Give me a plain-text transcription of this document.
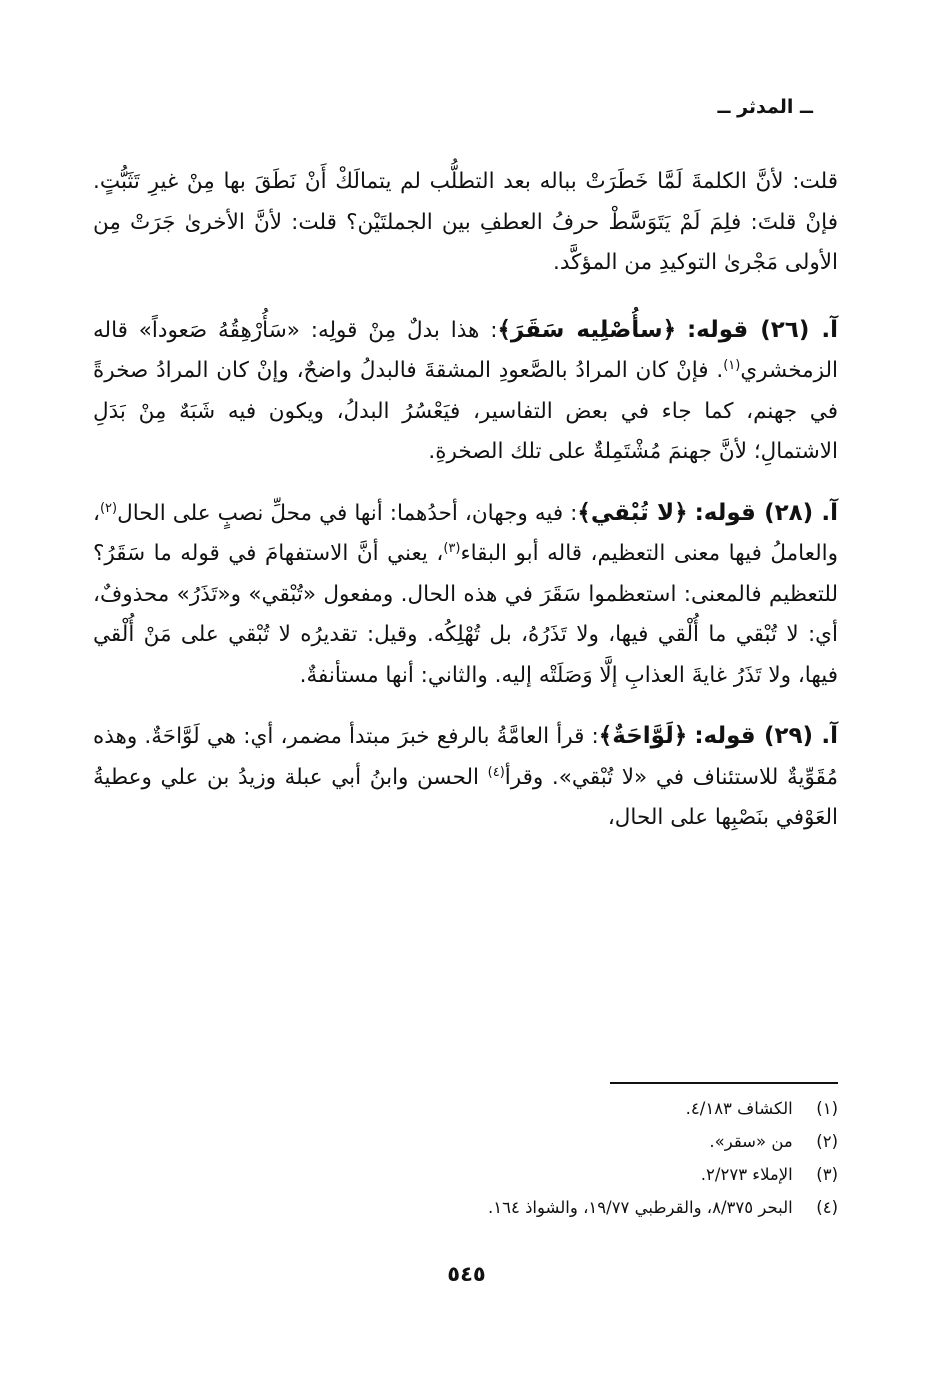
ــ المدثر ــ

قلت: لأنَّ الكلمةَ لَمَّا خَطَرَتْ بباله بعد التطلُّب لم يتمالَكْ أَنْ نَطَقَ بها مِنْ غيرِ تَثَبُّتٍ. فإنْ قلتَ: فلِمَ لَمْ يَتَوَسَّطْ حرفُ العطفِ بين الجملتَيْن؟ قلت: لأنَّ الأخرىٰ جَرَتْ مِن الأولى مَجْرىٰ التوكيدِ من المؤكَّد.

آ. (٢٦) قوله: ﴿سأُصْلِيه سَقَرَ﴾: هذا بدلٌ مِنْ قولِه: «سَأُرْهِقُهُ صَعوداً» قاله الزمخشري$^{(١)}$. فإنْ كان المرادُ بالصَّعودِ المشقةَ فالبدلُ واضحٌ، وإنْ كان المرادُ صخرةً في جهنم، كما جاء في بعض التفاسير، فيَعْسُرُ البدلُ، ويكون فيه شَبَهٌ مِنْ بَدَلِ الاشتمالِ؛ لأنَّ جهنمَ مُشْتَمِلةٌ على تلك الصخرةِ.

آ. (٢٨) قوله: ﴿لا تُبْقي﴾: فيه وجهان، أحدُهما: أنها في محلِّ نصبٍ على الحال$^{(٢)}$، والعاملُ فيها معنى التعظيم، قاله أبو البقاء$^{(٣)}$، يعني أنَّ الاستفهامَ في قوله ما سَقَرُ؟ للتعظيم فالمعنى: استعظموا سَقَرَ في هذه الحال. ومفعول «تُبْقي» و«تَذَرُ» محذوفٌ، أي: لا تُبْقي ما أُلْقي فيها، ولا تَذَرُهُ، بل تُهْلِكُه. وقيل: تقديرُه لا تُبْقي على مَنْ أُلْقي فيها، ولا تَذَرُ غايةَ العذابِ إلَّا وَصَلَتْه إليه. والثاني: أنها مستأنفةٌ.

آ. (٢٩) قوله: ﴿لَوَّاحَةٌ﴾: قرأ العامَّةُ بالرفع خبرَ مبتدأ مضمر، أي: هي لَوَّاحَةٌ. وهذه مُقَوِّيةٌ للاستئناف في «لا تُبْقي». وقرأ$^{(٤)}$ الحسن وابنُ أبي عبلة وزيدُ بن علي وعطيةُ العَوْفي بنَصْبِها على الحال،

(١) الكشاف ٤/١٨٣.
(٢) من «سقر».
(٣) الإملاء ٢/٢٧٣.
(٤) البحر ٨/٣٧٥، والقرطبي ١٩/٧٧، والشواذ ١٦٤.
٥٤٥
